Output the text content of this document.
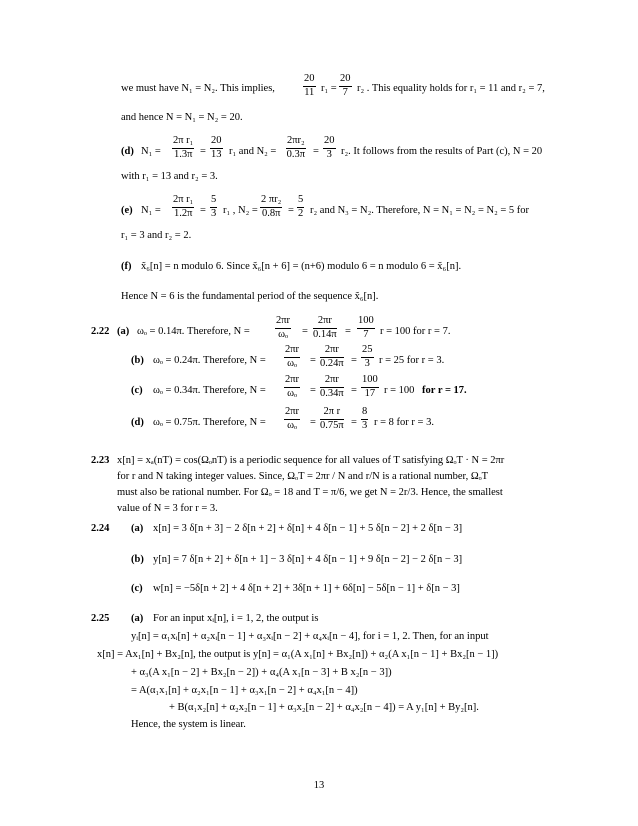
we must have N₁ = N₂. This implies,	$\frac{20}{11} r_1 = \frac{20}{7} r_2$ . This equality holds for r₁ = 11 and r₂ = 7,
and hence N = N₁ = N₂ = 20.
(d) $N_1 = \frac{\text{2π r₁}}{1.3\pi} = \frac{20}{13} r_1$ and $N_2 = \frac{\text{2πr₂}}{0.3\pi} = \frac{20}{3} r_2$. It follows from the results of Part (c), N = 20
with r₁ = 13 and r₂ = 3.
(e) $N_1 = \frac{\text{2π r₁}}{1.2\pi} = \frac{5}{3} r_1$ , $N_2 = \frac{\text{2 πr₂}}{0.8\pi} = \frac{5}{2} r_2$ and N₃ = N₂. Therefore, N = N₁ = N₂ = N₂ = 5 for
r₁ = 3 and r₂ = 2.
(f) x̃₆[n] = n modulo 6. Since x̃₆[n + 6] = (n+6) modulo 6 = n modulo 6 = x̃₆[n].
Hence N = 6 is the fundamental period of the sequence x̃₆[n].
2.22 (a) ωₒ = 0.14π. Therefore, $N = \frac{2\pi r}{\text{ωₒ}} = \frac{2\pi r}{0.14\pi} = \frac{100}{7}$ r = 100 for r = 7.
(b) ωₒ = 0.24π. Therefore, $N = \frac{2\pi r}{\text{ωₒ}} = \frac{2\pi r}{0.24\pi} = \frac{25}{3}$ r = 25 for r = 3.
(c) ωₒ = 0.34π. Therefore, $N = \frac{2\pi r}{\text{ωₒ}} = \frac{2\pi r}{0.34\pi} = \frac{100}{17}$ r = 100 for r = 17.
(d) ωₒ = 0.75π. Therefore, $N = \frac{2\pi r}{\text{ωₒ}} = \frac{\text{2π r}}{0.75\pi} = \frac{8}{3}$ r = 8 for r = 3.
2.23 x[n] = xₐ(nT) = cos(ΩₒnT) is a periodic sequence for all values of T satisfying ΩₒT · N = 2πr
for r and N taking integer values. Since, ΩₒT = 2πr / N and r/N is a rational number, ΩₒT
must also be rational number. For Ωₒ = 18 and T = π/6, we get N = 2r/3. Hence, the smallest
value of N = 3 for r = 3.
2.24 (a) x[n] = 3 δ[n + 3] − 2 δ[n + 2] + δ[n] + 4 δ[n − 1] + 5 δ[n − 2] + 2 δ[n − 3]
(b) y[n] = 7 δ[n + 2] + δ[n + 1] − 3 δ[n] + 4 δ[n − 1] + 9 δ[n − 2] − 2 δ[n − 3]
(c) w[n] = −5δ[n + 2] + 4 δ[n + 2] + 3δ[n + 1] + 6δ[n] − 5δ[n − 1] + δ[n − 3]
2.25 (a) For an input xᵢ[n], i = 1, 2, the output is
yᵢ[n] = α₁xᵢ[n] + α₂xᵢ[n − 1] + α₃xᵢ[n − 2] + α₄xᵢ[n − 4], for i = 1, 2. Then, for an input
x[n] = Ax₁[n] + Bx₂[n], the output is y[n] = α₁(A x₁[n] + Bx₂[n]) + α₂(A x₁[n − 1] + Bx₂[n − 1])
+ α₃(A x₁[n − 2] + Bx₂[n − 2]) + α₄(A x₁[n − 3] + B x₂[n − 3])
= A(α₁x₁[n] + α₂x₁[n − 1] + α₃x₁[n − 2] + α₄x₁[n − 4])
+ B(α₁x₂[n] + α₂x₂[n − 1] + α₃x₂[n − 2] + α₄x₂[n − 4]) = A y₁[n] + By₂[n].
Hence, the system is linear.
13
